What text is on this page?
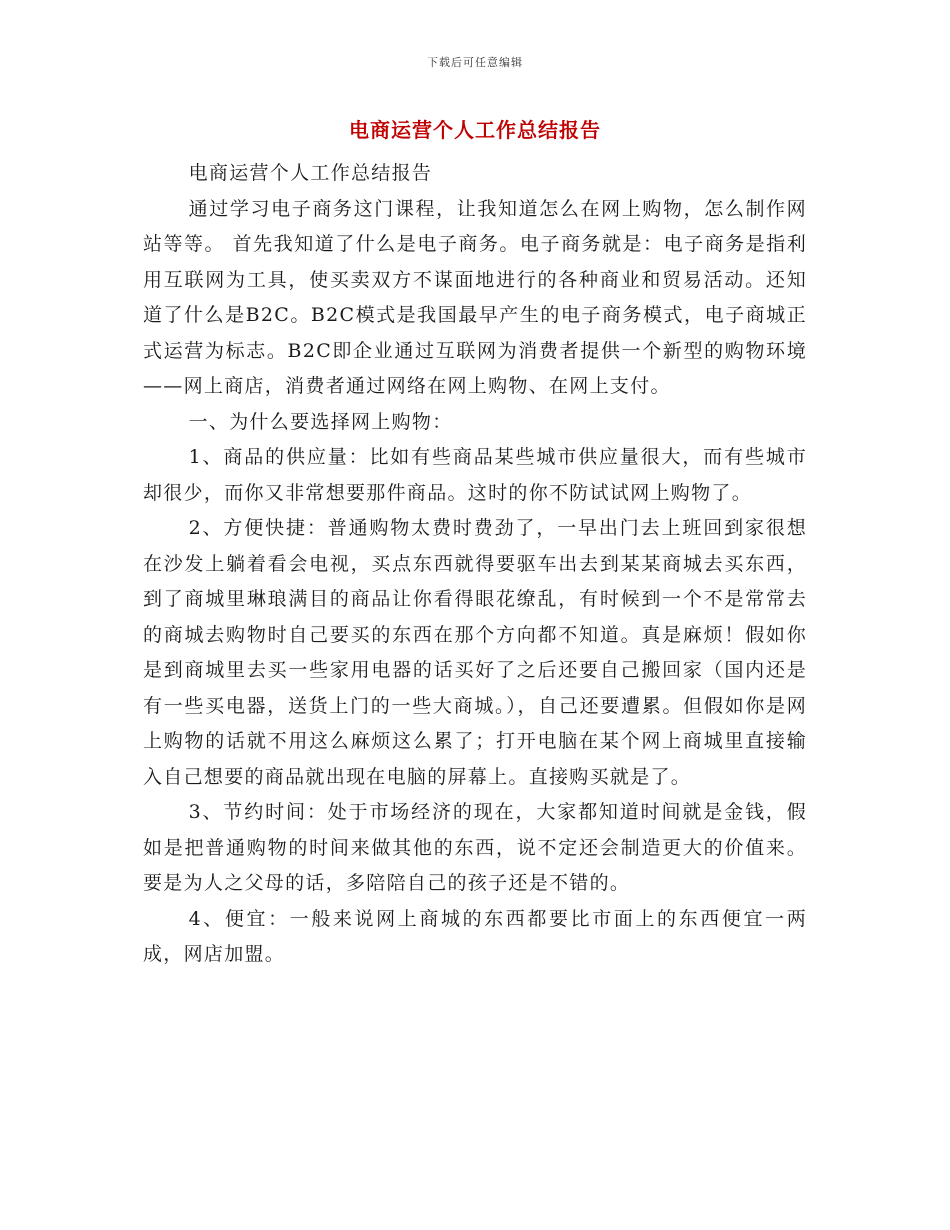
下载后可任意编辑
电商运营个人工作总结报告

电商运营个人工作总结报告

通过学习电子商务这门课程，让我知道怎么在网上购物，怎么制作网站等等。 首先我知道了什么是电子商务。电子商务就是：电子商务是指利用互联网为工具，使买卖双方不谋面地进行的各种商业和贸易活动。还知道了什么是B2C。B2C模式是我国最早产生的电子商务模式，电子商城正式运营为标志。B2C即企业通过互联网为消费者提供一个新型的购物环境——网上商店，消费者通过网络在网上购物、在网上支付。

一、为什么要选择网上购物：

1、商品的供应量：比如有些商品某些城市供应量很大，而有些城市却很少，而你又非常想要那件商品。这时的你不防试试网上购物了。

2、方便快捷：普通购物太费时费劲了，一早出门去上班回到家很想在沙发上躺着看会电视，买点东西就得要驱车出去到某某商城去买东西，到了商城里琳琅满目的商品让你看得眼花缭乱，有时候到一个不是常常去的商城去购物时自己要买的东西在那个方向都不知道。真是麻烦！假如你是到商城里去买一些家用电器的话买好了之后还要自己搬回家（国内还是有一些买电器，送货上门的一些大商城。），自己还要遭累。但假如你是网上购物的话就不用这么麻烦这么累了；打开电脑在某个网上商城里直接输入自己想要的商品就出现在电脑的屏幕上。直接购买就是了。

3、节约时间：处于市场经济的现在，大家都知道时间就是金钱，假如是把普通购物的时间来做其他的东西，说不定还会制造更大的价值来。要是为人之父母的话，多陪陪自己的孩子还是不错的。

4、便宜：一般来说网上商城的东西都要比市面上的东西便宜一两成，网店加盟。
